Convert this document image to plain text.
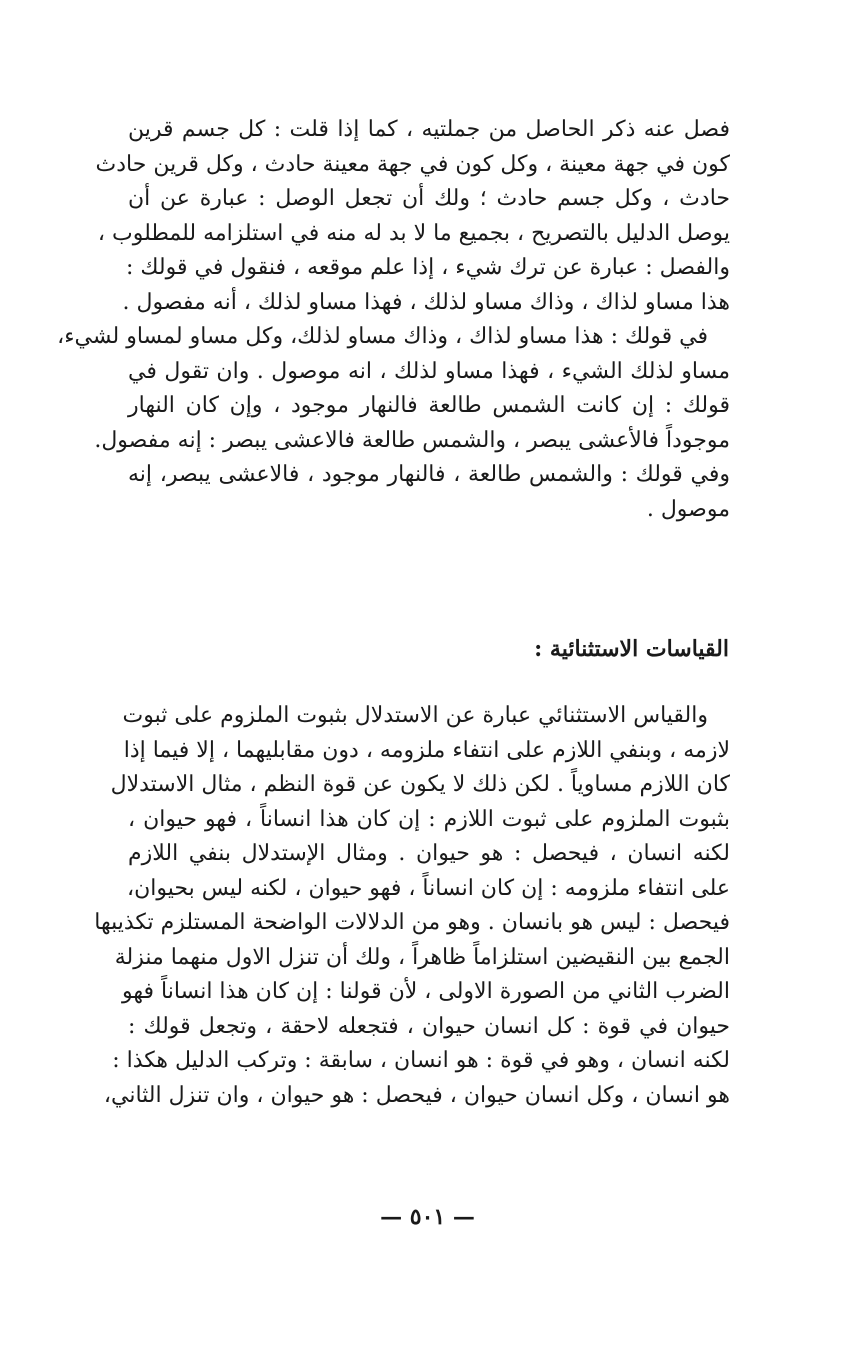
فصل عنه ذكر الحاصل من جملتيه ، كما إذا قلت : كل جسم قرين
كون في جهة معينة ، وكل كون في جهة معينة حادث ، وكل قرين حادث
حادث ، وكل جسم حادث ؛ ولك أن تجعل الوصل : عبارة عن أن
يوصل الدليل بالتصريح ، بجميع ما لا بد له منه في استلزامه للمطلوب ،
والفصل : عبارة عن ترك شيء ، إذا علم موقعه ، فنقول في قولك :
هذا مساو لذاك ، وذاك مساو لذلك ، فهذا مساو لذلك ، أنه مفصول .
في قولك : هذا مساو لذاك ، وذاك مساو لذلك، وكل مساو لمساو لشيء،
مساو لذلك الشيء ، فهذا مساو لذلك ، انه موصول . وان تقول في
قولك : إن كانت الشمس طالعة فالنهار موجود ، وإن كان النهار
موجوداً فالأعشى يبصر ، والشمس طالعة فالاعشى يبصر : إنه مفصول.
وفي قولك : والشمس طالعة ، فالنهار موجود ، فالاعشى يبصر، إنه
موصول .
القياسات الاستثنائية :
والقياس الاستثنائي عبارة عن الاستدلال بثبوت الملزوم على ثبوت
لازمه ، وبنفي اللازم على انتفاء ملزومه ، دون مقابليهما ، إلا فيما إذا
كان اللازم مساوياً . لكن ذلك لا يكون عن قوة النظم ، مثال الاستدلال
بثبوت الملزوم على ثبوت اللازم : إن كان هذا انساناً ، فهو حيوان ،
لكنه انسان ، فيحصل : هو حيوان . ومثال الإستدلال بنفي اللازم
على انتفاء ملزومه : إن كان انساناً ، فهو حيوان ، لكنه ليس بحيوان،
فيحصل : ليس هو بانسان . وهو من الدلالات الواضحة المستلزم تكذيبها
الجمع بين النقيضين استلزاماً ظاهراً ، ولك أن تنزل الاول منهما منزلة
الضرب الثاني من الصورة الاولى ، لأن قولنا : إن كان هذا انساناً فهو
حيوان في قوة : كل انسان حيوان ، فتجعله لاحقة ، وتجعل قولك :
لكنه انسان ، وهو في قوة : هو انسان ، سابقة : وتركب الدليل هكذا :
هو انسان ، وكل انسان حيوان ، فيحصل : هو حيوان ، وان تنزل الثاني،
— ٥٠١ —
